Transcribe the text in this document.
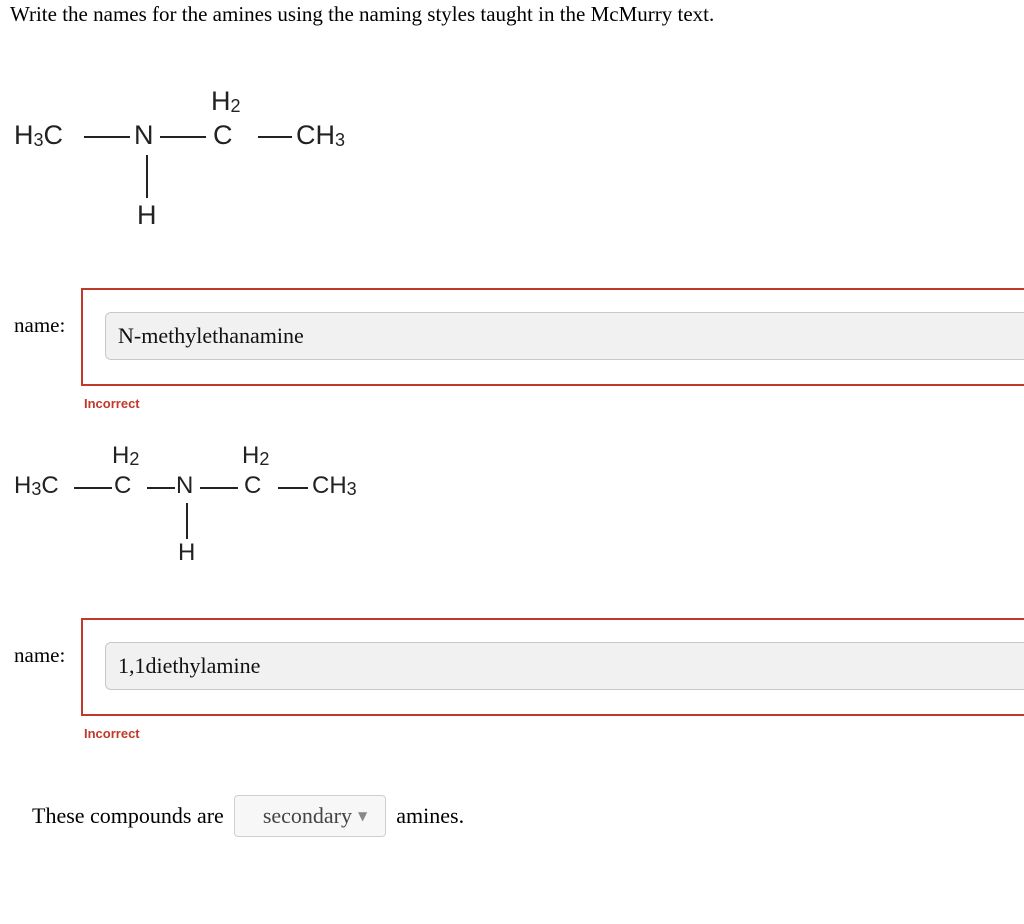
Write the names for the amines using the naming styles taught in the McMurry text.
$H_3C$	N
$H_2$
C $CH_3$
H
name:	N-methylethanamine
Incorrect
$H_3C$
$H_2$
C N
$H_2$
C $CH_3$
H
name:	1,1diethylamine
Incorrect
These compounds are secondary ▼ amines.
